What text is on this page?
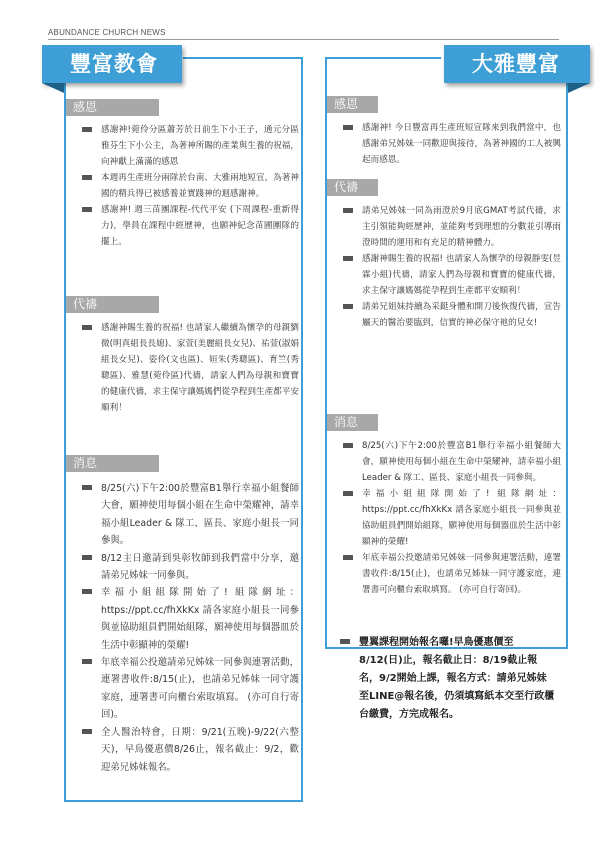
ABUNDANCE CHURCH NEWS
豐富教會
感恩
感謝神!菀伶分區蕭芳於日前生下小王子，通元分區雅芬生下小公主，為著神所賜的產業與生養的祝福，向神獻上滿滿的感恩
本週再生產班分兩隊於台南、大雅兩地短宣，為著神國的精兵得已被感養並實踐神的迴感謝神。
感謝神! 週三苗團課程-代代平安 (下周課程-重新得力)，學員在課程中經歷神，也願神紀念苗圃團隊的擺上。
代禱
感謝神賜生養的祝福! 也請家人繼續為懷孕的母親劉微(明真組長長媳)、家萱(美麗組長女兒)、祐萱(淑娟組長女兒)、姿伶(文也區)、姮朱(秀聰區)、育竺(秀聰區)、雅慧(菀伶區)代禱，請家人們為母親和寶寶的健康代禱，求主保守讓媽媽們從孕程到生產都平安順利！
消息
8/25(六)下午2:00於豐富B1舉行幸福小組餐師大會，願神使用每個小組在生命中榮耀神，請幸福小組Leader & 隊工、區長、家庭小組長一同參與。
8/12主日邀請到吳彰牧師到我們當中分享，邀請弟兄姊妹一同參與。
幸福小組組隊開始了! 組隊網址：https://ppt.cc/fhXkKx 請各家庭小組長一同參與並協助組員們開始組隊，願神使用每個器皿於生活中彰顯神的榮耀!
年底幸福公投邀請弟兄姊妹一同參與連署活動，連署書收件:8/15(止)，也請弟兄姊妹一同守護家庭，連署書可向櫃台索取填寫。 (亦可自行寄回)。
全人醫治特會，日期：9/21(五晚)-9/22(六整天)，早鳥優惠價8/26止，報名截止：9/2，歡迎弟兄姊妹報名。
大雅豐富
感恩
感謝神! 今日豐富再生產班短宣隊來到我們當中，也感謝弟兄姊妹一同歡迎與接待，為著神國的工人被興起而感恩。
代禱
請弟兄姊妹一同為雨澄於9月底GMAT考試代禱，求主引領能夠經歷神，並能夠考到理想的分數並引導雨澄時間的運用和有充足的精神體力。
感謝神賜生養的祝福! 也請家人為懷孕的母親靜雯(昱霖小組)代禱，請家人們為母親和寶寶的健康代禱，求主保守讓媽媽從孕程到生產都平安順利！
請弟兄姐妹持續為采鋌身體和開刀後恢復代禱，宣告屬天的醫治要臨到，信實的神必保守祂的兒女!
消息
8/25(六)下午2:00於豐富B1舉行幸福小組餐師大會，願神使用每個小組在生命中榮耀神，請幸福小組Leader & 隊工、區長、家庭小組長一同參與。
幸福小組組隊開始了! 組隊網址：https://ppt.cc/fhXkKx 請各家庭小組長一同參與並協助組員們開始組隊，願神使用每個器皿於生活中彰顯神的榮耀!
年底幸福公投邀請弟兄姊妹一同參與連署活動，連署書收件:8/15(止)，也請弟兄姊妹一同守護家庭，連署書可向櫃台索取填寫。 (亦可自行寄回)。
豐翼課程開始報名囉!早鳥優惠價至8/12(日)止，報名截止日：8/19截止報名，9/2開始上課，報名方式：請弟兄姊妹至LINE@報名後，仍須填寫紙本交至行政櫃台繳費，方完成報名。
